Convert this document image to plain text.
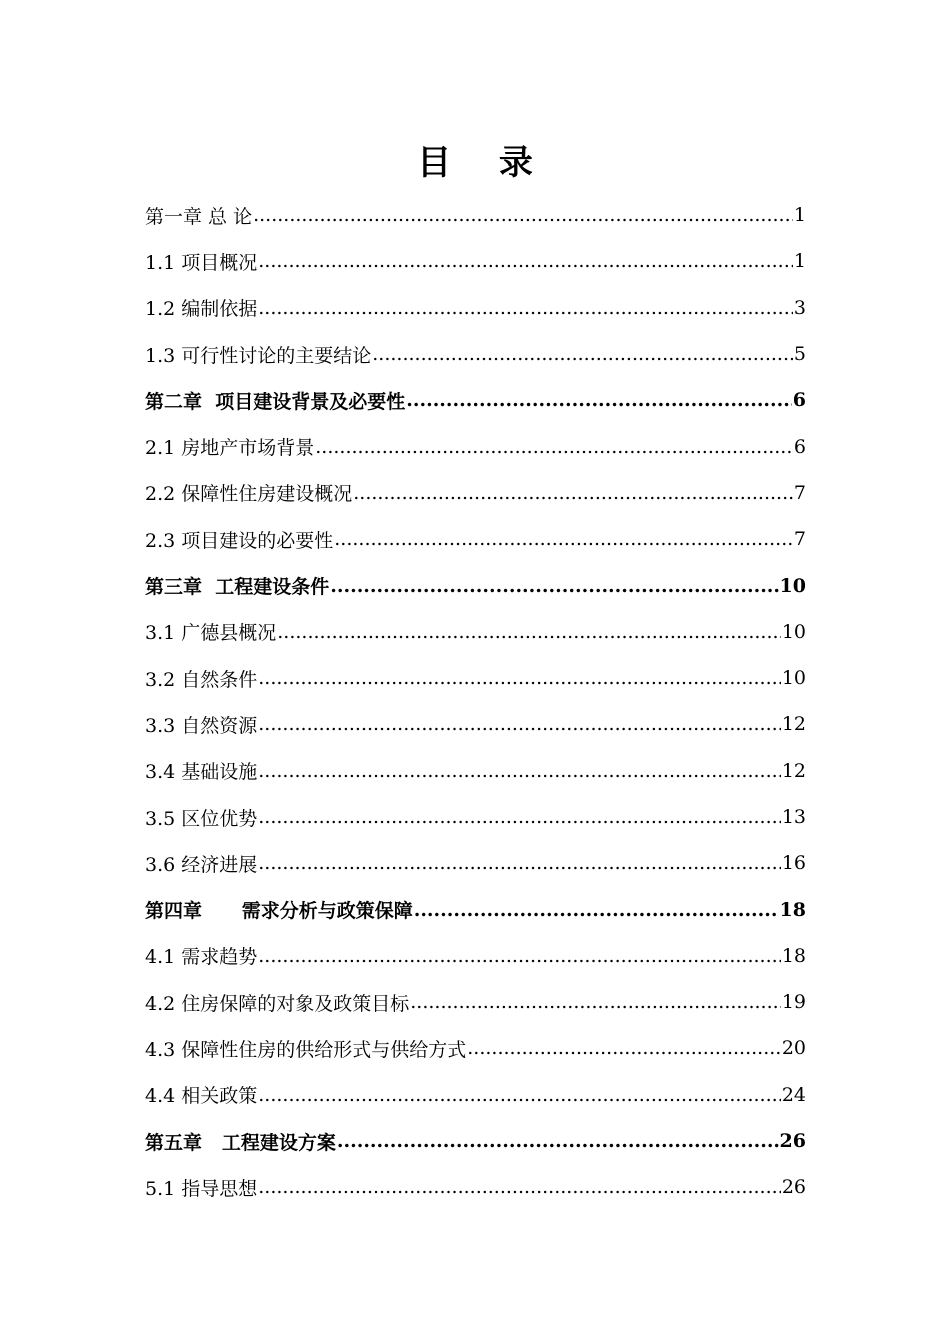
目 录
第一章 总 论 .....	1
1.1 项目概况 .....	1
1.2 编制依据 .....	3
1.3 可行性讨论的主要结论 .....	5
第二章  项目建设背景及必要性 .....	6
2.1 房地产市场背景 .....	6
2.2 保障性住房建设概况 .....	7
2.3 项目建设的必要性 .....	7
第三章  工程建设条件 .....	10
3.1 广德县概况 .....	10
3.2 自然条件 .....	10
3.3 自然资源 .....	12
3.4 基础设施 .....	12
3.5 区位优势 .....	13
3.6 经济进展 .....	16
第四章      需求分析与政策保障 .....	18
4.1 需求趋势 .....	18
4.2 住房保障的对象及政策目标 .....	19
4.3 保障性住房的供给形式与供给方式 .....	20
4.4 相关政策 .....	24
第五章   工程建设方案 .....	26
5.1 指导思想 .....	26
